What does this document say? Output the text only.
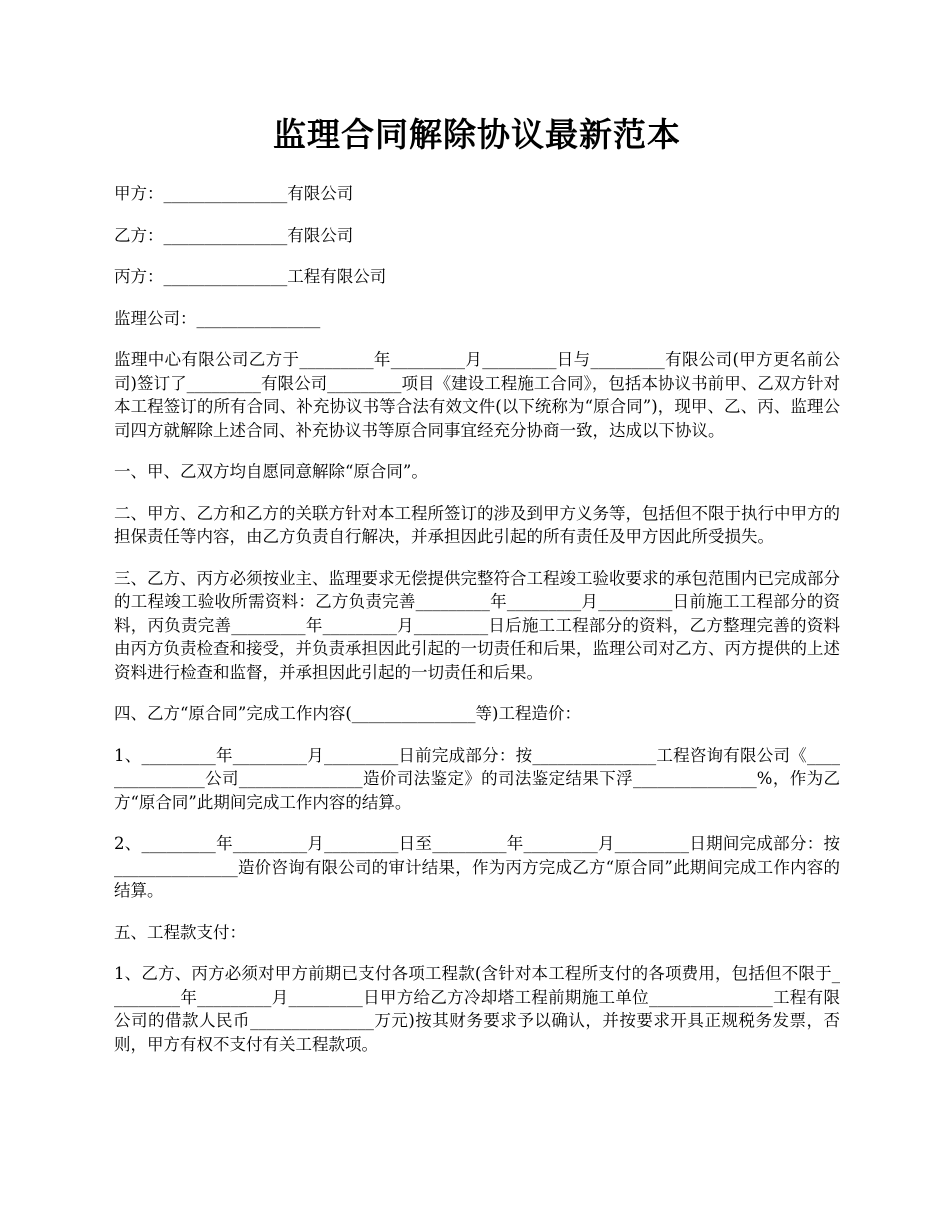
监理合同解除协议最新范本

甲方：_______________有限公司

乙方：_______________有限公司

丙方：_______________工程有限公司

监理公司：_______________

监理中心有限公司乙方于_________年_________月_________日与_________有限公司(甲方更名前公司)签订了_________有限公司_________项目《建设工程施工合同》，包括本协议书前甲、乙双方针对本工程签订的所有合同、补充协议书等合法有效文件(以下统称为“原合同”)，现甲、乙、丙、监理公司四方就解除上述合同、补充协议书等原合同事宜经充分协商一致，达成以下协议。

一、甲、乙双方均自愿同意解除“原合同”。

二、甲方、乙方和乙方的关联方针对本工程所签订的涉及到甲方义务等，包括但不限于执行中甲方的担保责任等内容，由乙方负责自行解决，并承担因此引起的所有责任及甲方因此所受损失。

三、乙方、丙方必须按业主、监理要求无偿提供完整符合工程竣工验收要求的承包范围内已完成部分的工程竣工验收所需资料：乙方负责完善_________年_________月_________日前施工工程部分的资料，丙负责完善_________年_________月_________日后施工工程部分的资料，乙方整理完善的资料由丙方负责检查和接受，并负责承担因此引起的一切责任和后果，监理公司对乙方、丙方提供的上述资料进行检查和监督，并承担因此引起的一切责任和后果。

四、乙方“原合同”完成工作内容(_______________等)工程造价：

1、_________年_________月_________日前完成部分：按_______________工程咨询有限公司《_______________公司_______________造价司法鉴定》的司法鉴定结果下浮_______________%，作为乙方“原合同”此期间完成工作内容的结算。

2、_________年_________月_________日至_________年_________月_________日期间完成部分：按_______________造价咨询有限公司的审计结果，作为丙方完成乙方“原合同”此期间完成工作内容的结算。

五、工程款支付：

1、乙方、丙方必须对甲方前期已支付各项工程款(含针对本工程所支付的各项费用，包括但不限于_________年_________月_________日甲方给乙方冷却塔工程前期施工单位_______________工程有限公司的借款人民币_______________万元)按其财务要求予以确认，并按要求开具正规税务发票，否则，甲方有权不支付有关工程款项。
